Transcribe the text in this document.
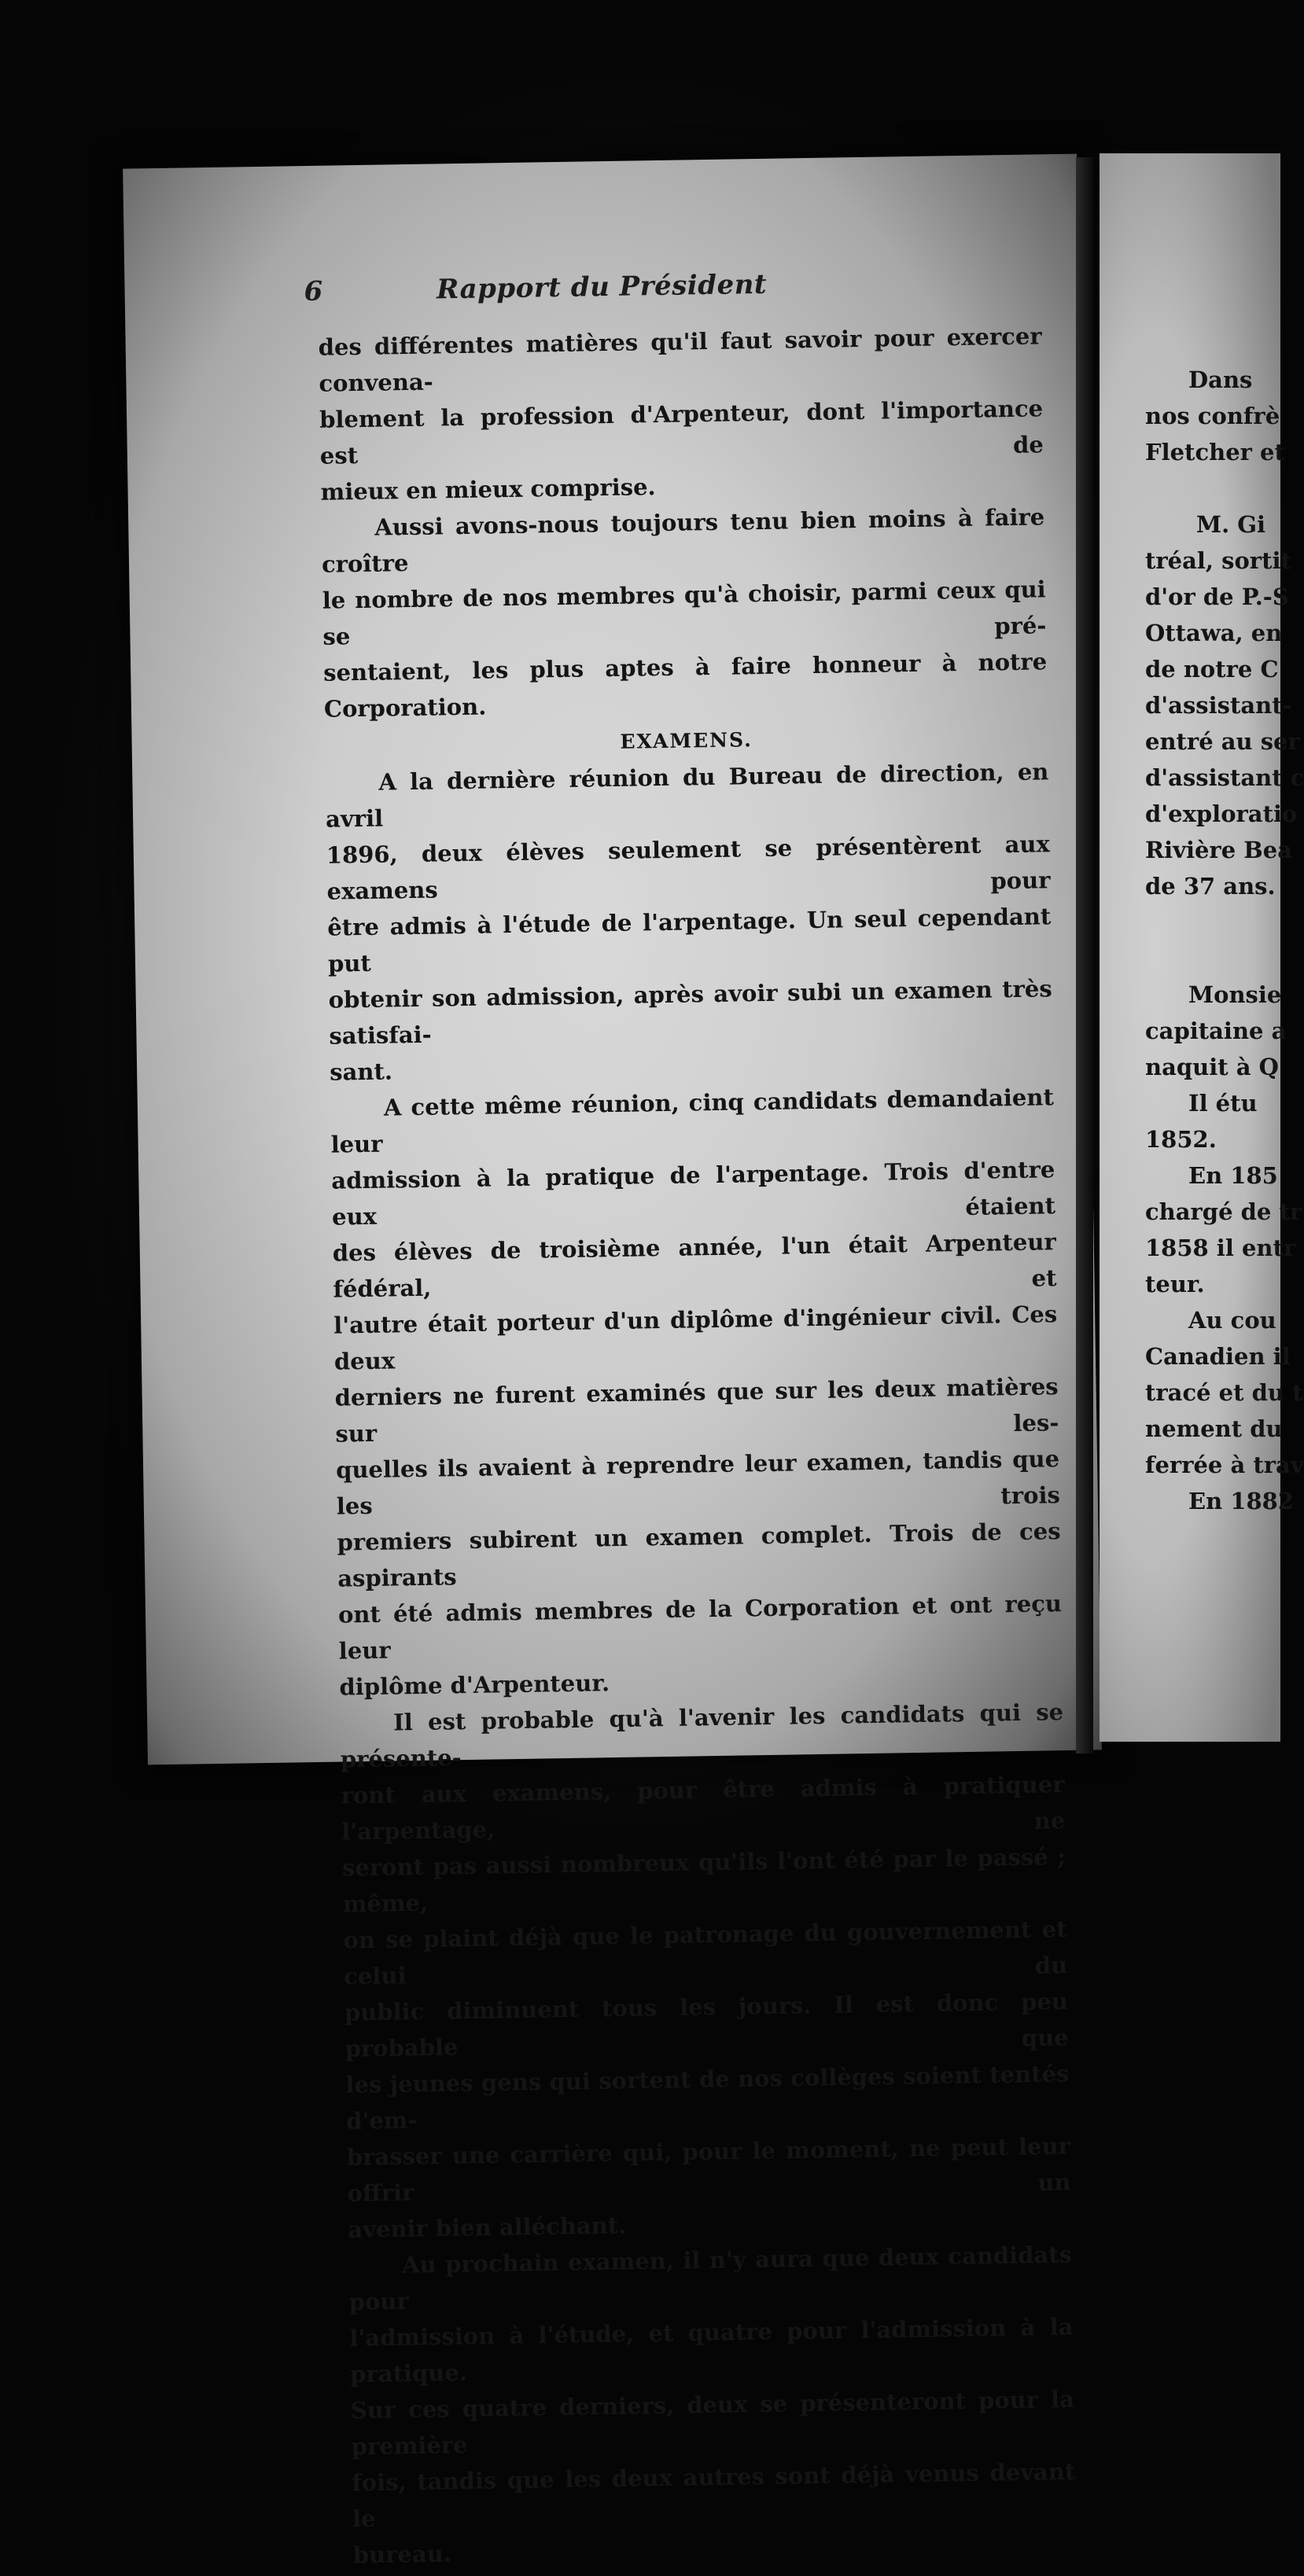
6	Rapport du Président

des différentes matières qu'il faut savoir pour exercer convena-
blement la profession d'Arpenteur, dont l'importance est de
mieux en mieux comprise.

Aussi avons-nous toujours tenu bien moins à faire croître
le nombre de nos membres qu'à choisir, parmi ceux qui se pré-
sentaient, les plus aptes à faire honneur à notre Corporation.

EXAMENS.

A la dernière réunion du Bureau de direction, en avril
1896, deux élèves seulement se présentèrent aux examens pour
être admis à l'étude de l'arpentage. Un seul cependant put
obtenir son admission, après avoir subi un examen très satisfai-
sant.

A cette même réunion, cinq candidats demandaient leur
admission à la pratique de l'arpentage. Trois d'entre eux étaient
des élèves de troisième année, l'un était Arpenteur fédéral, et
l'autre était porteur d'un diplôme d'ingénieur civil. Ces deux
derniers ne furent examinés que sur les deux matières sur les-
quelles ils avaient à reprendre leur examen, tandis que les trois
premiers subirent un examen complet. Trois de ces aspirants
ont été admis membres de la Corporation et ont reçu leur
diplôme d'Arpenteur.

Il est probable qu'à l'avenir les candidats qui se présente-
ront aux examens, pour être admis à pratiquer l'arpentage, ne
seront pas aussi nombreux qu'ils l'ont été par le passé ; même,
on se plaint déjà que le patronage du gouvernement et celui du
public diminuent tous les jours. Il est donc peu probable que
les jeunes gens qui sortent de nos collèges soient tentés d'em-
brasser une carrière qui, pour le moment, ne peut leur offrir un
avenir bien alléchant.

Au prochain examen, il n'y aura que deux candidats pour
l'admission à l'étude, et quatre pour l'admission à la pratique.
Sur ces quatre derniers, deux se présenteront pour la première
fois, tandis que les deux autres sont déjà venus devant le
bureau.

Dans
nos confrè
Fletcher et
M. Gi
tréal, sortit
d'or de P.-S
Ottawa, en
de notre C
d'assistant-
entré au ser
d'assistant c
d'exploratio
Rivière Bea
de 37 ans.
Monsie
capitaine a
naquit à Q
Il étu
1852.
En 185
chargé de tr
1858 il entr
teur.
Au cou
Canadien il
tracé et du t
nement du
ferrée à trav
En 1882
